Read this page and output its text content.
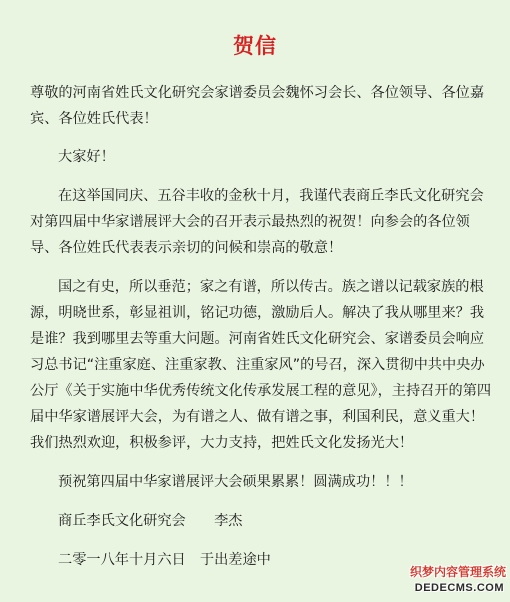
贺信

尊敬的河南省姓氏文化研究会家谱委员会魏怀习会长、各位领导、各位嘉宾、各位姓氏代表！

大家好！

在这举国同庆、五谷丰收的金秋十月，我谨代表商丘李氏文化研究会对第四届中华家谱展评大会的召开表示最热烈的祝贺！向参会的各位领导、各位姓氏代表表示亲切的问候和崇高的敬意！

国之有史，所以垂范；家之有谱，所以传古。族之谱以记载家族的根源，明晓世系，彰显祖训，铭记功德，激励后人。解决了我从哪里来？我是谁？我到哪里去等重大问题。河南省姓氏文化研究会、家谱委员会响应习总书记“注重家庭、注重家教、注重家风”的号召，深入贯彻中共中央办公厅《关于实施中华优秀传统文化传承发展工程的意见》，主持召开的第四届中华家谱展评大会，为有谱之人、做有谱之事，利国利民，意义重大！我们热烈欢迎，积极参评，大力支持，把姓氏文化发扬光大！

预祝第四届中华家谱展评大会硕果累累！圆满成功！！！

商丘李氏文化研究会　　李杰

二零一八年十月六日　于出差途中

织梦内容管理系统
DEDECMS.COM
